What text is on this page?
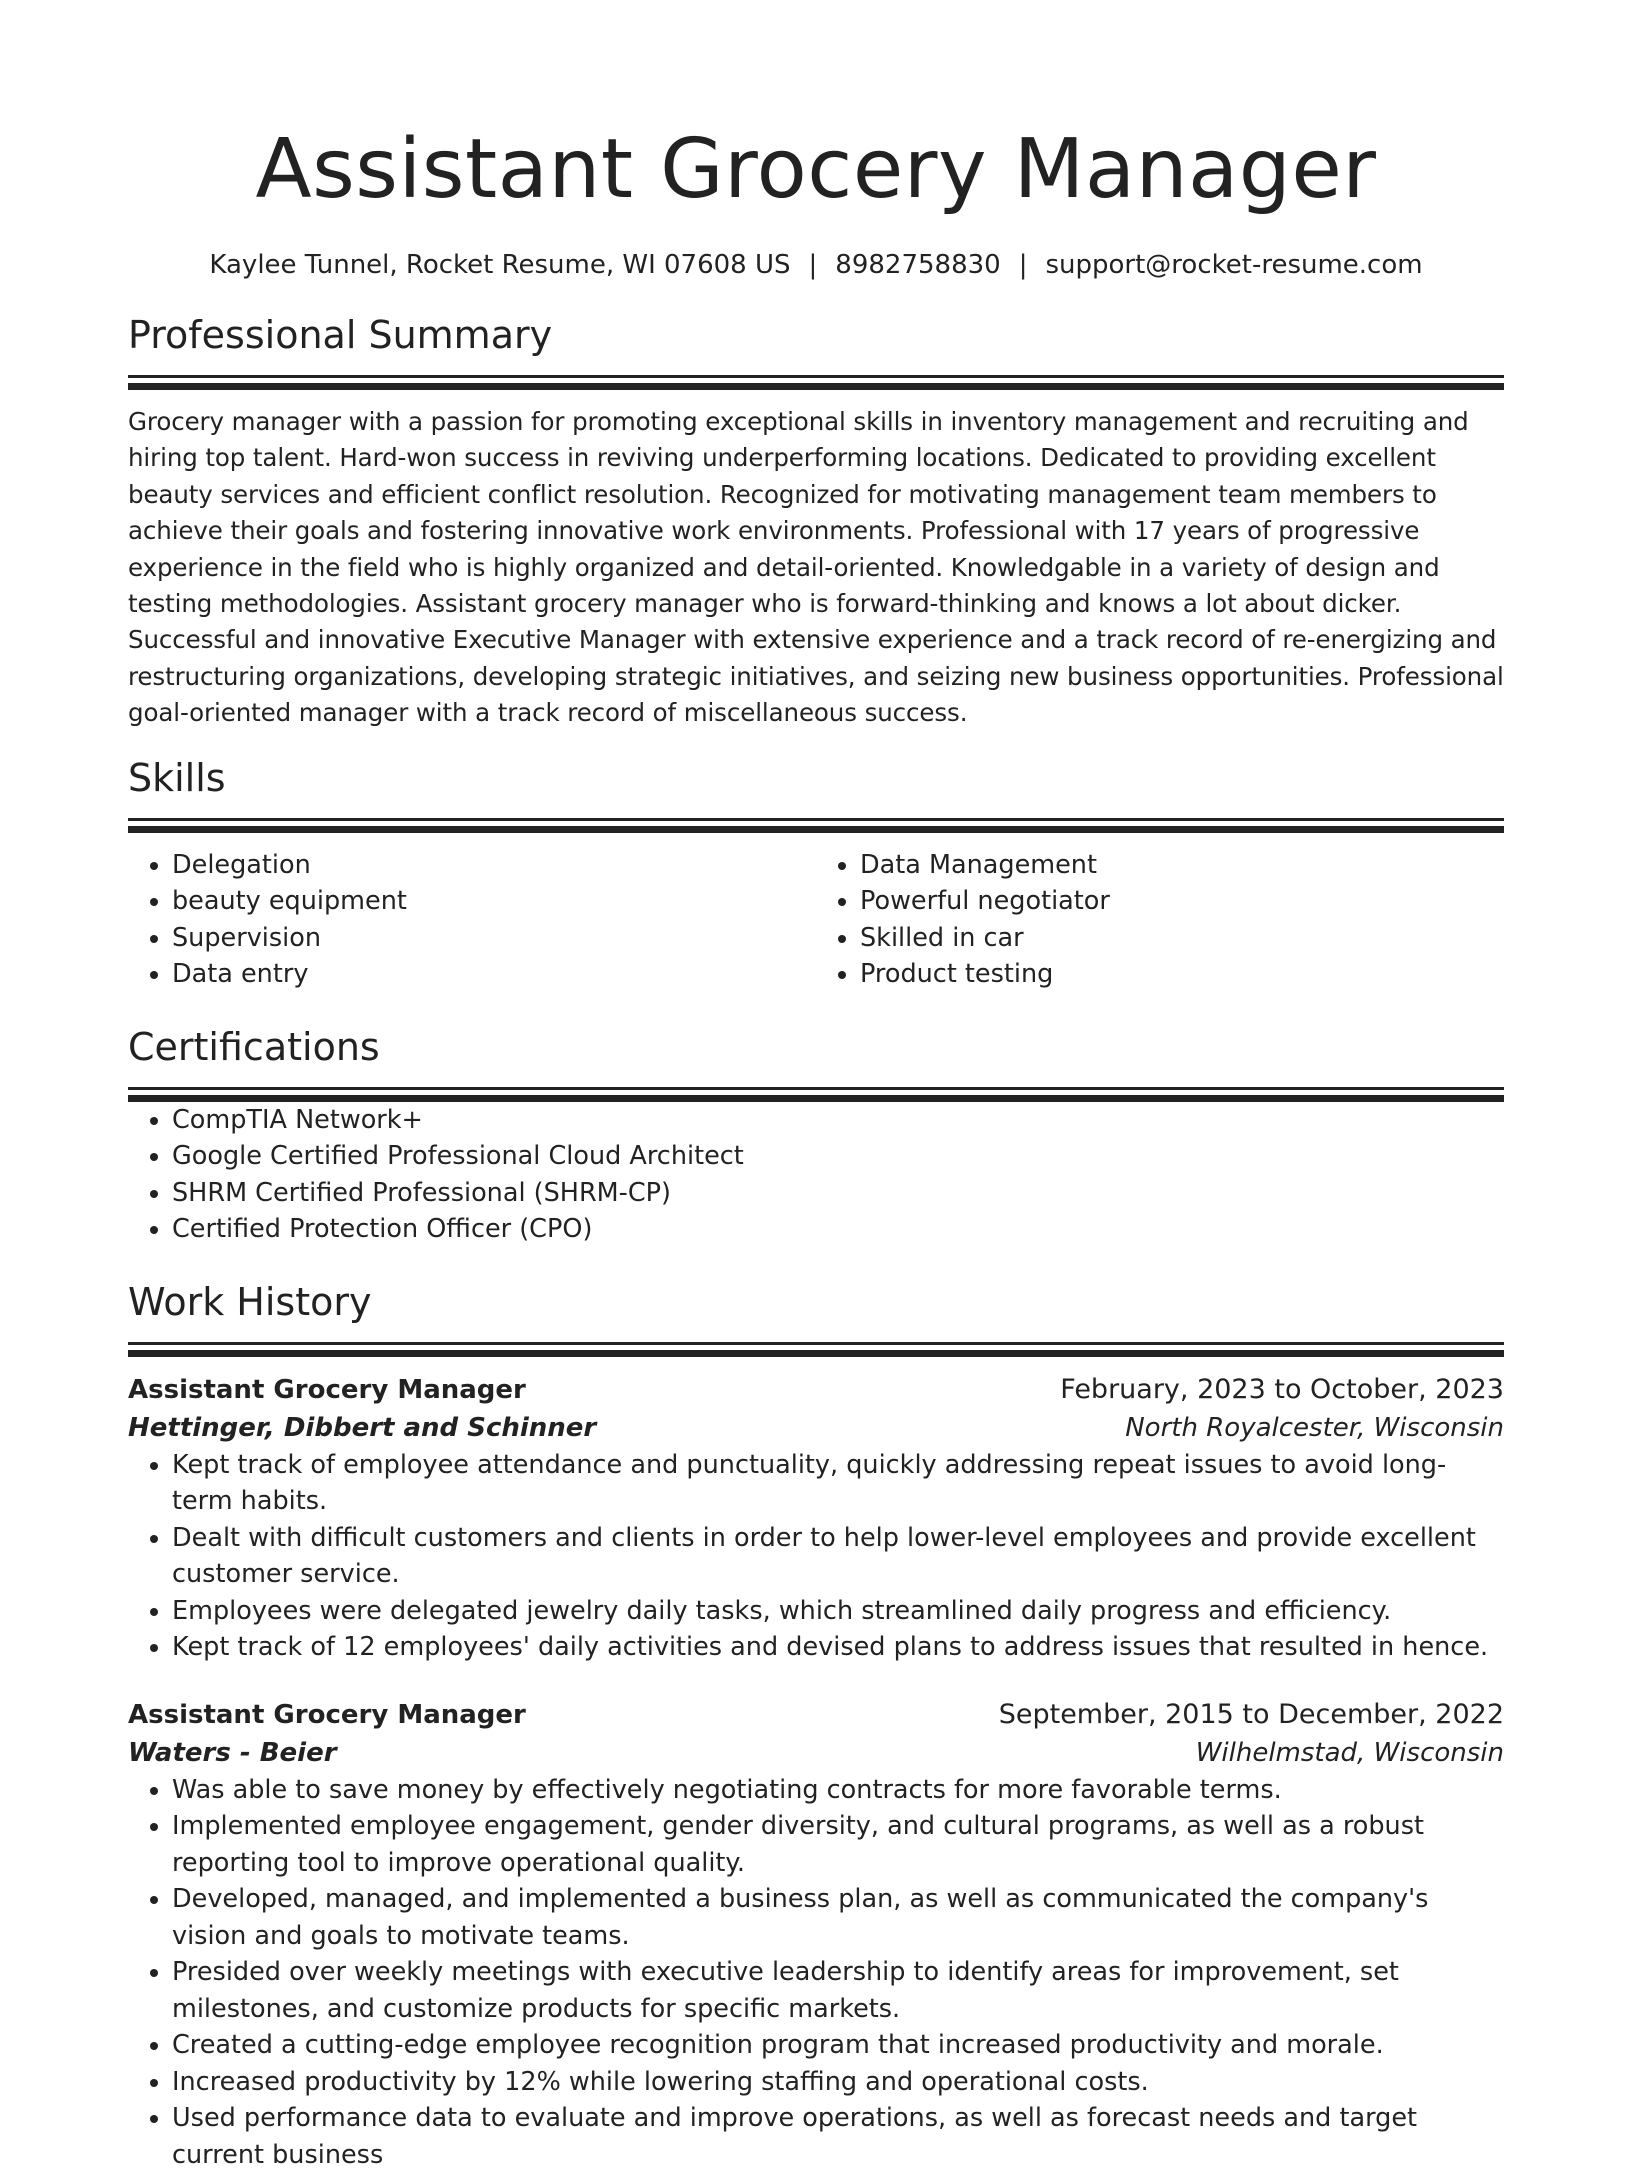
Assistant Grocery Manager
Kaylee Tunnel, Rocket Resume, WI 07608 US | 8982758830 | support@rocket-resume.com
Professional Summary

Grocery manager with a passion for promoting exceptional skills in inventory management and recruiting and hiring top talent. Hard-won success in reviving underperforming locations. Dedicated to providing excellent beauty services and efficient conflict resolution. Recognized for motivating management team members to achieve their goals and fostering innovative work environments. Professional with 17 years of progressive experience in the field who is highly organized and detail-oriented. Knowledgable in a variety of design and testing methodologies. Assistant grocery manager who is forward-thinking and knows a lot about dicker. Successful and innovative Executive Manager with extensive experience and a track record of re-energizing and restructuring organizations, developing strategic initiatives, and seizing new business opportunities. Professional goal-oriented manager with a track record of miscellaneous success.

Skills
• Delegation
• beauty equipment
• Supervision
• Data entry
• Data Management
• Powerful negotiator
• Skilled in car
• Product testing
Certifications
• CompTIA Network+
• Google Certified Professional Cloud Architect
• SHRM Certified Professional (SHRM-CP)
• Certified Protection Officer (CPO)
Work History
Assistant Grocery Manager	February, 2023 to October, 2023
Hettinger, Dibbert and Schinner	North Royalcester, Wisconsin
• Kept track of employee attendance and punctuality, quickly addressing repeat issues to avoid long-term habits.
• Dealt with difficult customers and clients in order to help lower-level employees and provide excellent customer service.
• Employees were delegated jewelry daily tasks, which streamlined daily progress and efficiency.
• Kept track of 12 employees' daily activities and devised plans to address issues that resulted in hence.
Assistant Grocery Manager	September, 2015 to December, 2022
Waters - Beier	Wilhelmstad, Wisconsin
• Was able to save money by effectively negotiating contracts for more favorable terms.
• Implemented employee engagement, gender diversity, and cultural programs, as well as a robust reporting tool to improve operational quality.
• Developed, managed, and implemented a business plan, as well as communicated the company's vision and goals to motivate teams.
• Presided over weekly meetings with executive leadership to identify areas for improvement, set milestones, and customize products for specific markets.
• Created a cutting-edge employee recognition program that increased productivity and morale.
• Increased productivity by 12% while lowering staffing and operational costs.
• Used performance data to evaluate and improve operations, as well as forecast needs and target current business
